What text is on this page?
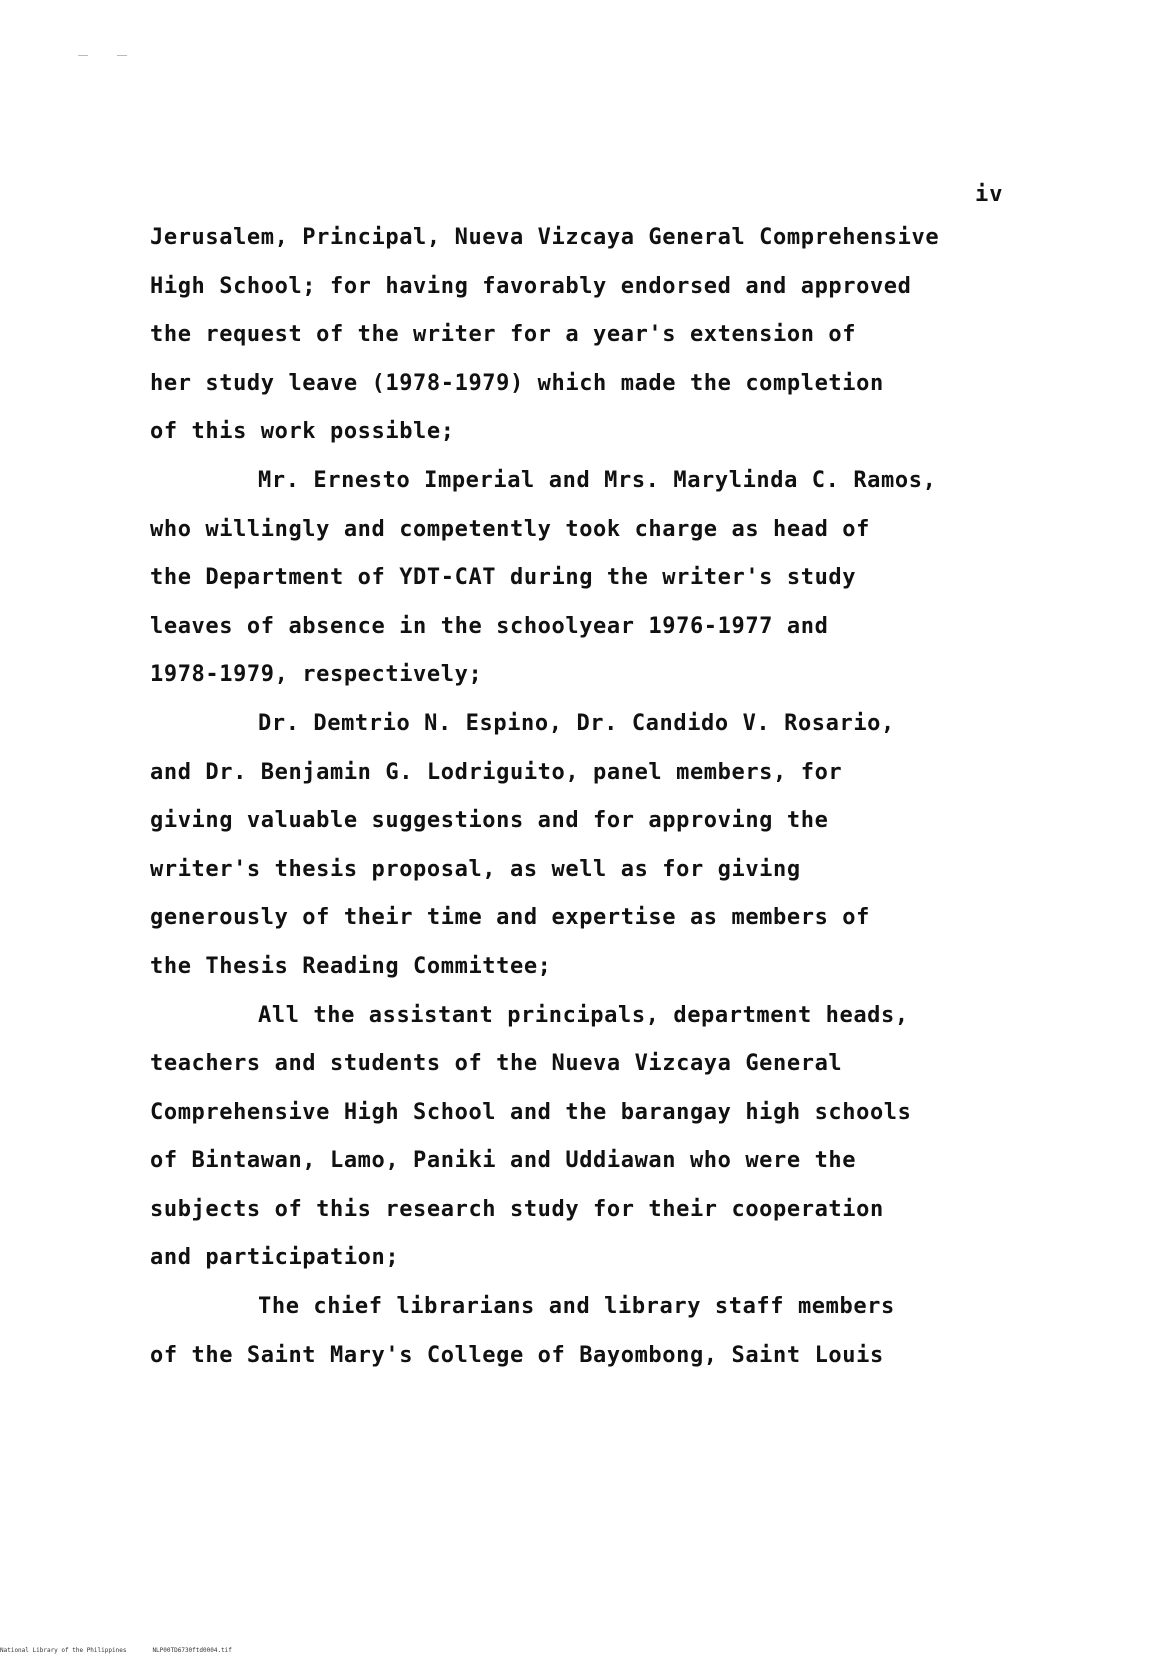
iv
Jerusalem, Principal, Nueva Vizcaya General Comprehensive
High School; for having favorably endorsed and approved
the request of the writer for a year's extension of
her study leave (1978-1979) which made the completion
of this work possible;
Mr. Ernesto Imperial and Mrs. Marylinda C. Ramos,
who willingly and competently took charge as head of
the Department of YDT-CAT during the writer's study
leaves of absence in the schoolyear 1976-1977 and
1978-1979, respectively;
Dr. Demtrio N. Espino, Dr. Candido V. Rosario,
and Dr. Benjamin G. Lodriguito, panel members, for
giving valuable suggestions and for approving the
writer's thesis proposal, as well as for giving
generously of their time and expertise as members of
the Thesis Reading Committee;
All the assistant principals, department heads,
teachers and students of the Nueva Vizcaya General
Comprehensive High School and the barangay high schools
of Bintawan, Lamo, Paniki and Uddiawan who were the
subjects of this research study for their cooperation
and participation;
The chief librarians and library staff members
of the Saint Mary's College of Bayombong, Saint Louis
National Library of the Philippines	NLP00TD6730ftd0004.tif
